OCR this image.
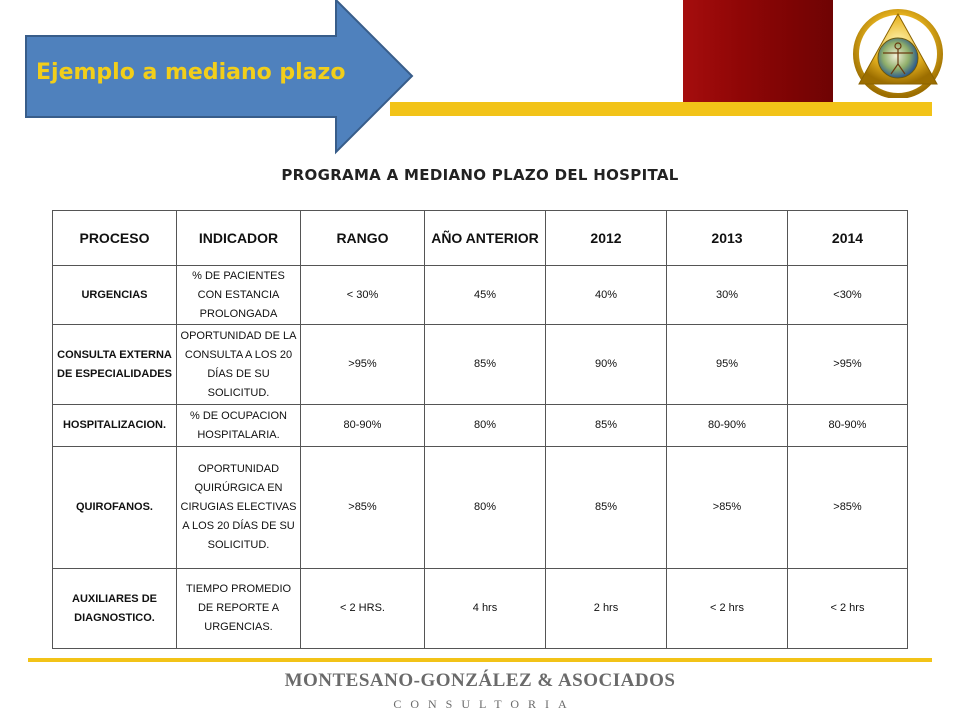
Ejemplo a mediano plazo
PROGRAMA A MEDIANO PLAZO DEL HOSPITAL
PROCESO	INDICADOR	RANGO	AÑO ANTERIOR	2012	2013	2014
URGENCIAS	% DE PACIENTES CON ESTANCIA PROLONGADA	< 30%	45%	40%	30%	<30%
CONSULTA EXTERNA DE ESPECIALIDADES	OPORTUNIDAD DE LA CONSULTA A LOS 20 DÍAS DE SU SOLICITUD.	>95%	85%	90%	95%	>95%
HOSPITALIZACION.	% DE OCUPACION HOSPITALARIA.	80-90%	80%	85%	80-90%	80-90%
QUIROFANOS.	OPORTUNIDAD QUIRÚRGICA EN CIRUGIAS ELECTIVAS A LOS 20 DÍAS DE SU SOLICITUD.	>85%	80%	85%	>85%	>85%
AUXILIARES DE DIAGNOSTICO.	TIEMPO PROMEDIO DE REPORTE A URGENCIAS.	< 2 HRS.	4 hrs	2 hrs	< 2 hrs	< 2 hrs
MONTESANO-GONZÁLEZ & ASOCIADOS
CONSULTORIA
